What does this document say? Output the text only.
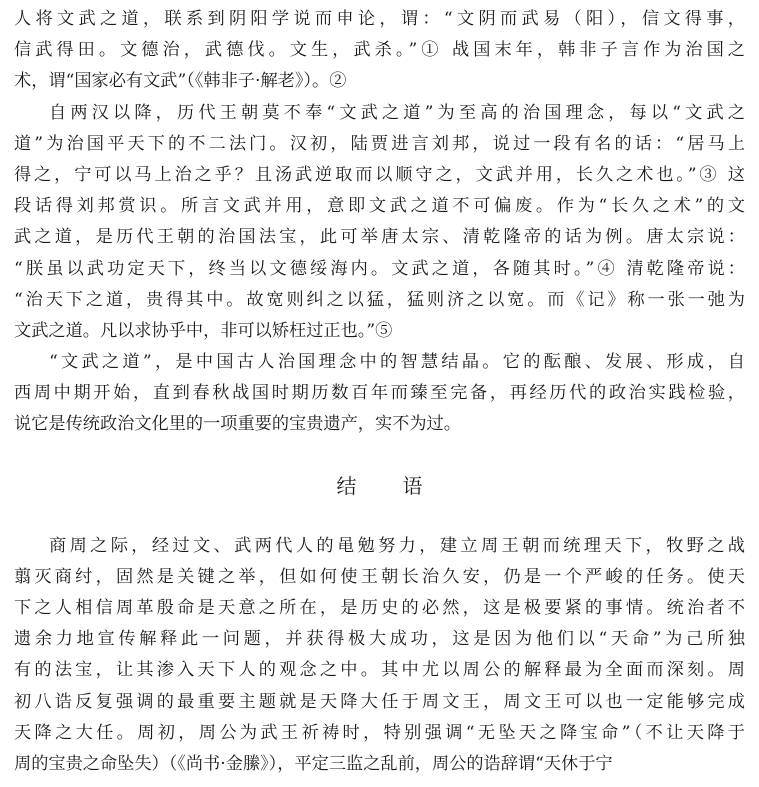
人将文武之道，联系到阴阳学说而申论，谓：“文阴而武易（阳），信文得事，
信武得田。文德治，武德伐。文生，武杀。”① 战国末年，韩非子言作为治国之
术，谓“国家必有文武”（《韩非子·解老》）。②
自两汉以降，历代王朝莫不奉“文武之道”为至高的治国理念，每以“文武之
道”为治国平天下的不二法门。汉初，陆贾进言刘邦，说过一段有名的话：“居马上
得之，宁可以马上治之乎？且汤武逆取而以顺守之，文武并用，长久之术也。”③ 这
段话得刘邦赏识。所言文武并用，意即文武之道不可偏废。作为“长久之术”的文
武之道，是历代王朝的治国法宝，此可举唐太宗、清乾隆帝的话为例。唐太宗说：
“朕虽以武功定天下，终当以文德绥海内。文武之道，各随其时。”④ 清乾隆帝说：
“治天下之道，贵得其中。故宽则纠之以猛，猛则济之以宽。而《记》称一张一弛为
文武之道。凡以求协乎中，非可以矫枉过正也。”⑤
“文武之道”，是中国古人治国理念中的智慧结晶。它的酝酿、发展、形成，自
西周中期开始，直到春秋战国时期历数百年而臻至完备，再经历代的政治实践检验，
说它是传统政治文化里的一项重要的宝贵遗产，实不为过。
结 语
商周之际，经过文、武两代人的黾勉努力，建立周王朝而统理天下，牧野之战
翦灭商纣，固然是关键之举，但如何使王朝长治久安，仍是一个严峻的任务。使天
下之人相信周革殷命是天意之所在，是历史的必然，这是极要紧的事情。统治者不
遗余力地宣传解释此一问题，并获得极大成功，这是因为他们以“天命”为己所独
有的法宝，让其渗入天下人的观念之中。其中尤以周公的解释最为全面而深刻。周
初八诰反复强调的最重要主题就是天降大任于周文王，周文王可以也一定能够完成
天降之大任。周初，周公为武王祈祷时，特别强调“无坠天之降宝命”（不让天降于
周的宝贵之命坠失）（《尚书·金縢》），平定三监之乱前，周公的诰辞谓“天休于宁
